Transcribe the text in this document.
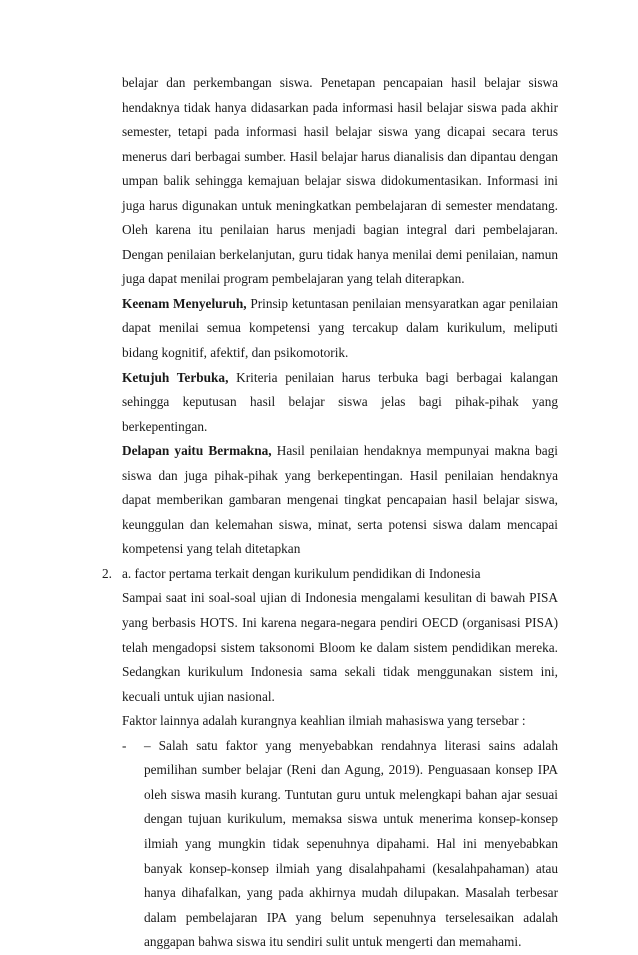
belajar dan perkembangan siswa. Penetapan pencapaian hasil belajar siswa hendaknya tidak hanya didasarkan pada informasi hasil belajar siswa pada akhir semester, tetapi pada informasi hasil belajar siswa yang dicapai secara terus menerus dari berbagai sumber. Hasil belajar harus dianalisis dan dipantau dengan umpan balik sehingga kemajuan belajar siswa didokumentasikan. Informasi ini juga harus digunakan untuk meningkatkan pembelajaran di semester mendatang. Oleh karena itu penilaian harus menjadi bagian integral dari pembelajaran. Dengan penilaian berkelanjutan, guru tidak hanya menilai demi penilaian, namun juga dapat menilai program pembelajaran yang telah diterapkan.

Keenam Menyeluruh, Prinsip ketuntasan penilaian mensyaratkan agar penilaian dapat menilai semua kompetensi yang tercakup dalam kurikulum, meliputi bidang kognitif, afektif, dan psikomotorik.

Ketujuh Terbuka, Kriteria penilaian harus terbuka bagi berbagai kalangan sehingga keputusan hasil belajar siswa jelas bagi pihak-pihak yang berkepentingan.

Delapan yaitu Bermakna, Hasil penilaian hendaknya mempunyai makna bagi siswa dan juga pihak-pihak yang berkepentingan. Hasil penilaian hendaknya dapat memberikan gambaran mengenai tingkat pencapaian hasil belajar siswa, keunggulan dan kelemahan siswa, minat, serta potensi siswa dalam mencapai kompetensi yang telah ditetapkan

2. a. factor pertama terkait dengan kurikulum pendidikan di Indonesia

Sampai saat ini soal-soal ujian di Indonesia mengalami kesulitan di bawah PISA yang berbasis HOTS. Ini karena negara-negara pendiri OECD (organisasi PISA) telah mengadopsi sistem taksonomi Bloom ke dalam sistem pendidikan mereka. Sedangkan kurikulum Indonesia sama sekali tidak menggunakan sistem ini, kecuali untuk ujian nasional.

Faktor lainnya adalah kurangnya keahlian ilmiah mahasiswa yang tersebar :

-	– Salah satu faktor yang menyebabkan rendahnya literasi sains adalah pemilihan sumber belajar (Reni dan Agung, 2019). Penguasaan konsep IPA oleh siswa masih kurang. Tuntutan guru untuk melengkapi bahan ajar sesuai dengan tujuan kurikulum, memaksa siswa untuk menerima konsep-konsep ilmiah yang mungkin tidak sepenuhnya dipahami. Hal ini menyebabkan banyak konsep-konsep ilmiah yang disalahpahami (kesalahpahaman) atau hanya dihafalkan, yang pada akhirnya mudah dilupakan. Masalah terbesar dalam pembelajaran IPA yang belum sepenuhnya terselesaikan adalah anggapan bahwa siswa itu sendiri sulit untuk mengerti dan memahami.
